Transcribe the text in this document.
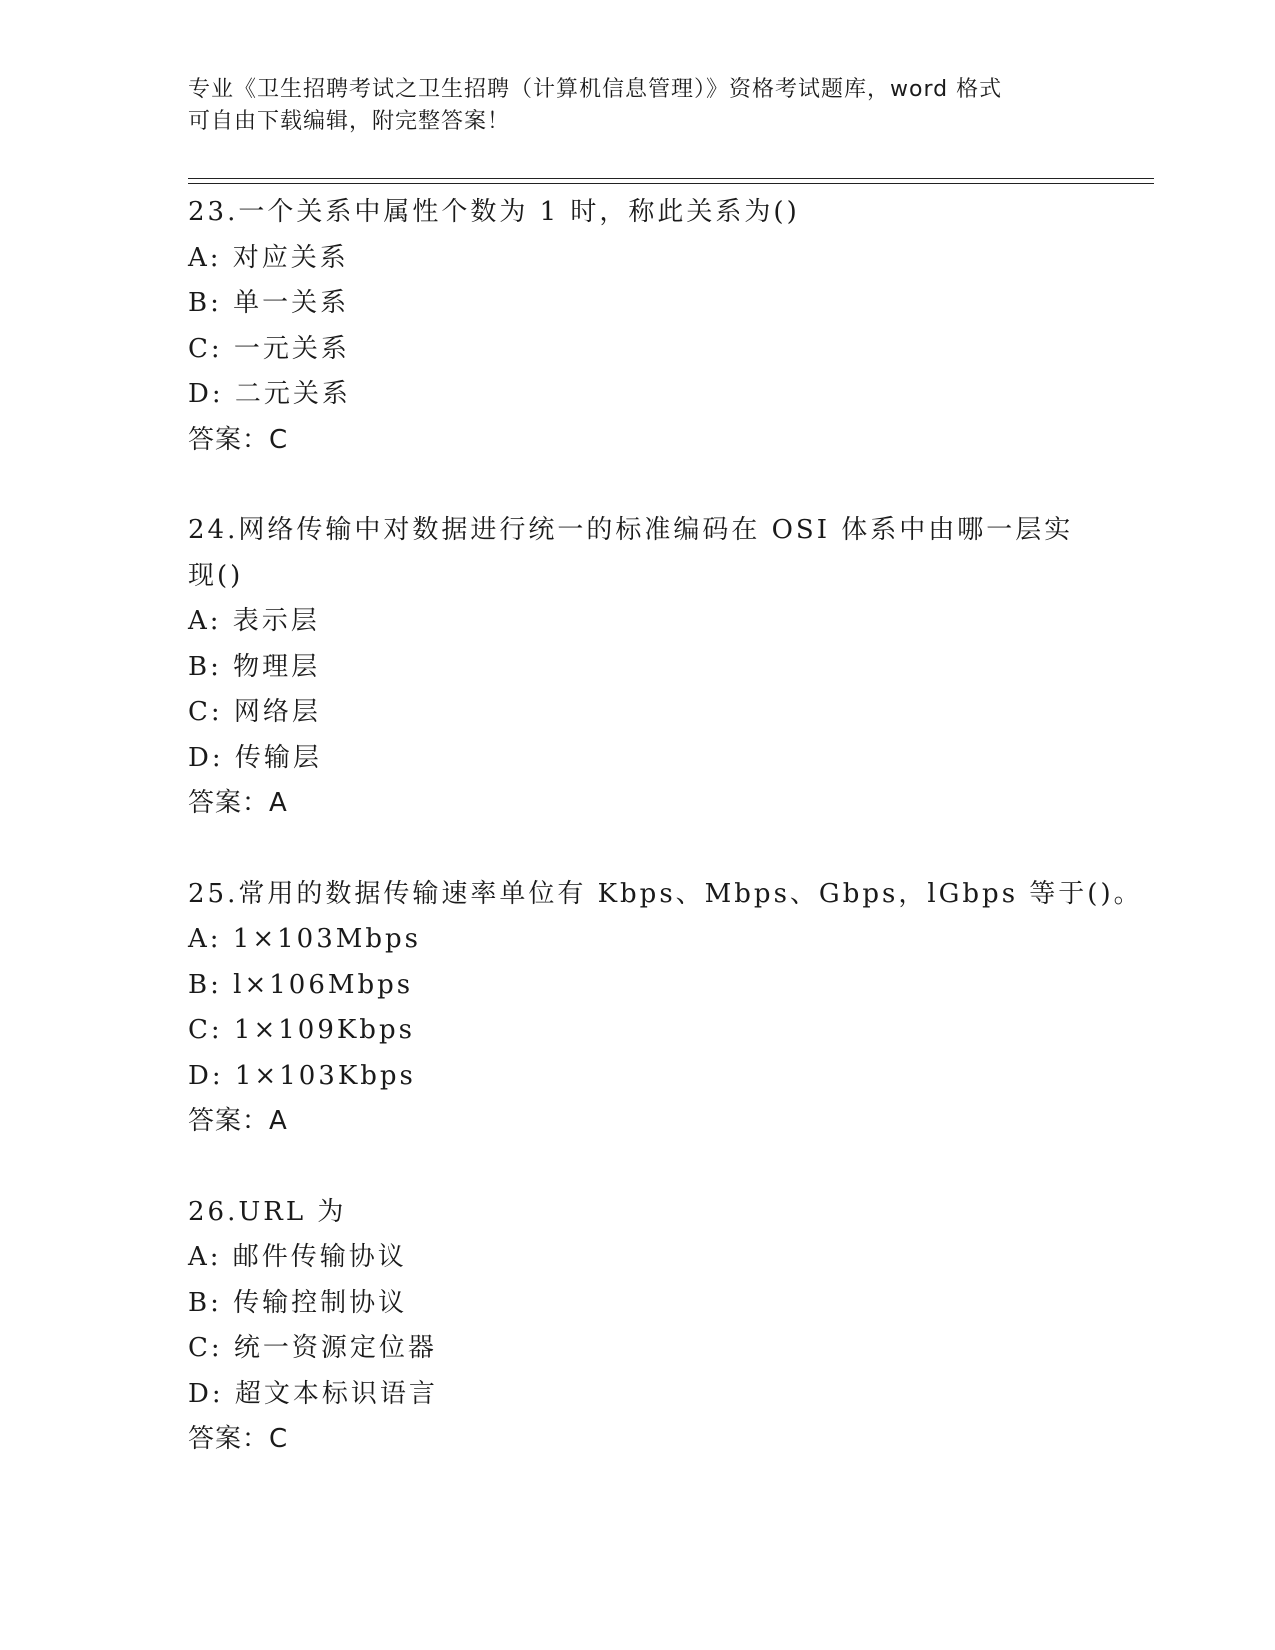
专业《卫生招聘考试之卫生招聘（计算机信息管理）》资格考试题库，word 格式
可自由下载编辑，附完整答案！
23.一个关系中属性个数为 1 时，称此关系为()
A: 对应关系
B: 单一关系
C: 一元关系
D: 二元关系
答案：C
24.网络传输中对数据进行统一的标准编码在 OSI 体系中由哪一层实现()
A: 表示层
B: 物理层
C: 网络层
D: 传输层
答案：A
25.常用的数据传输速率单位有 Kbps、Mbps、Gbps，lGbps 等于()。
A: 1×103Mbps
B: l×106Mbps
C: 1×109Kbps
D: 1×103Kbps
答案：A
26.URL 为
A: 邮件传输协议
B: 传输控制协议
C: 统一资源定位器
D: 超文本标识语言
答案：C
